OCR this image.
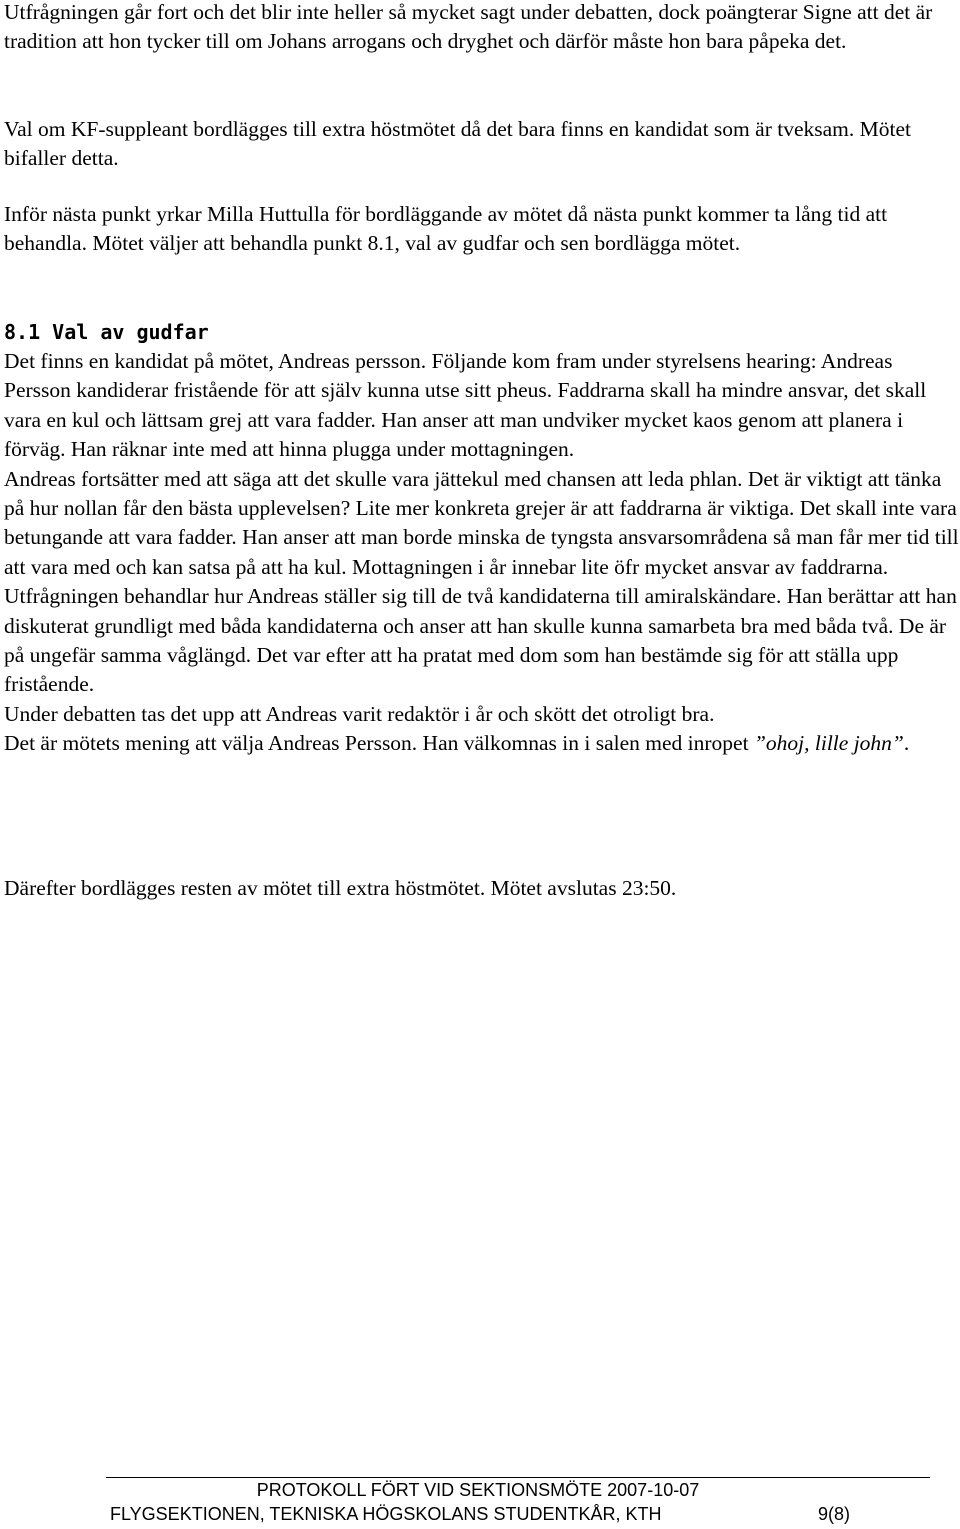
Utfrågningen går fort och det blir inte heller så mycket sagt under debatten, dock poängterar Signe att det är tradition att hon tycker till om Johans arrogans och dryghet och därför måste hon bara påpeka det.

Val om KF-suppleant bordlägges till extra höstmötet då det bara finns en kandidat som är tveksam. Mötet bifaller detta.

Inför nästa punkt yrkar Milla Huttulla för bordläggande av mötet då nästa punkt kommer ta lång tid att behandla. Mötet väljer att behandla punkt 8.1, val av gudfar och sen bordlägga mötet.

8.1 Val av gudfar

Det finns en kandidat på mötet, Andreas persson. Följande kom fram under styrelsens hearing: Andreas Persson kandiderar fristående för att själv kunna utse sitt pheus. Faddrarna skall ha mindre ansvar, det skall vara en kul och lättsam grej att vara fadder. Han anser att man undviker mycket kaos genom att planera i förväg. Han räknar inte med att hinna plugga under mottagningen.

Andreas fortsätter med att säga att det skulle vara jättekul med chansen att leda phlan. Det är viktigt att tänka på hur nollan får den bästa upplevelsen? Lite mer konkreta grejer är att faddrarna är viktiga. Det skall inte vara betungande att vara fadder. Han anser att man borde minska de tyngsta ansvarsområdena så man får mer tid till att vara med och kan satsa på att ha kul. Mottagningen i år innebar lite öfr mycket ansvar av faddrarna.

Utfrågningen behandlar hur Andreas ställer sig till de två kandidaterna till amiralskändare. Han berättar att han diskuterat grundligt med båda kandidaterna och anser att han skulle kunna samarbeta bra med båda två. De är på ungefär samma våglängd. Det var efter att ha pratat med dom som han bestämde sig för att ställa upp fristående.

Under debatten tas det upp att Andreas varit redaktör i år och skött det otroligt bra.

Det är mötets mening att välja Andreas Persson. Han välkomnas in i salen med inropet ”ohoj, lille john”.

Därefter bordlägges resten av mötet till extra höstmötet. Mötet avslutas 23:50.

PROTOKOLL FÖRT VID SEKTIONSMÖTE 2007-10-07

FLYGSEKTIONEN, TEKNISKA HÖGSKOLANS STUDENTKÅR, KTH	9(8)
